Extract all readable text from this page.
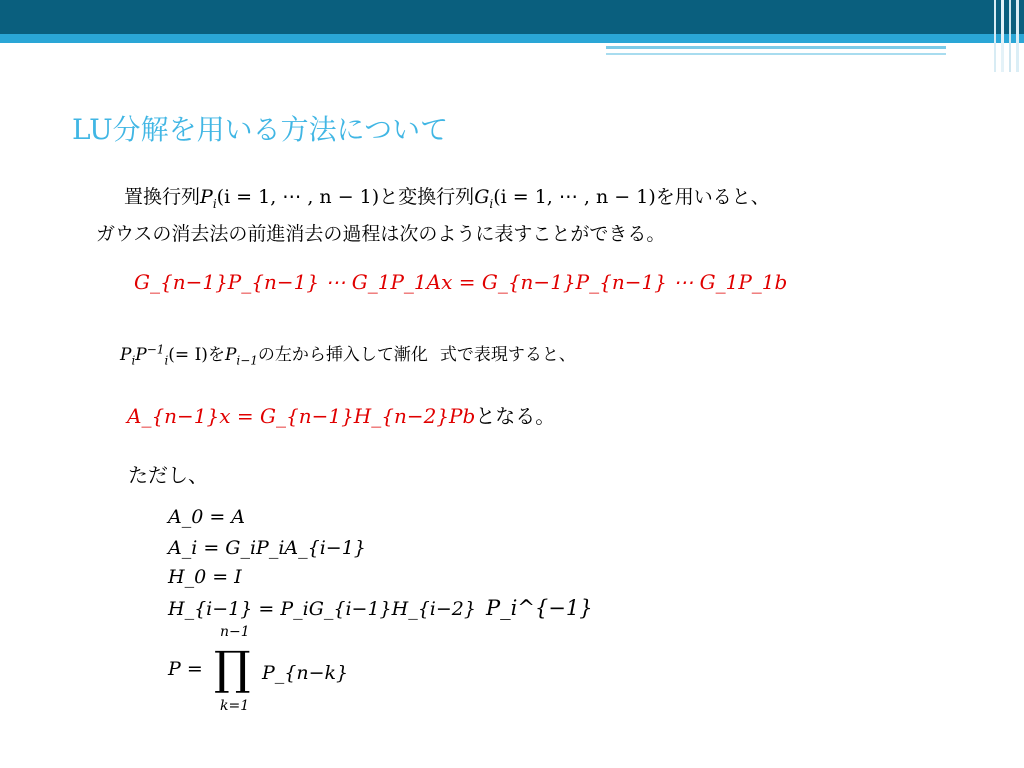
LU分解を用いる方法について
置換行列$P_i(i = 1$, ⋯ , n − 1)と変換行列$G_i(i = 1$, ⋯ , n − 1)を用いると、
ガウスの消去法の前進消去の過程は次のように表すことができる。
G_{n−1}P_{n−1} ⋯ G_1P_1Ax = G_{n−1}P_{n−1} ⋯ G_1P_1b
$P_iP^{-1}_i(= I)$を$P_{i-1}$の左から挿入して漸化 式で表現すると、
A_{n−1}x = G_{n−1}H_{n−2}Pbとなる。
ただし、
A_0 = A
A_i = G_iP_iA_{i−1}
H_0 = I
H_{i−1} = P_iG_{i−1}H_{i−2} P_i^{−1}
n−1
P = ∏ P_{n−k}
k=1
